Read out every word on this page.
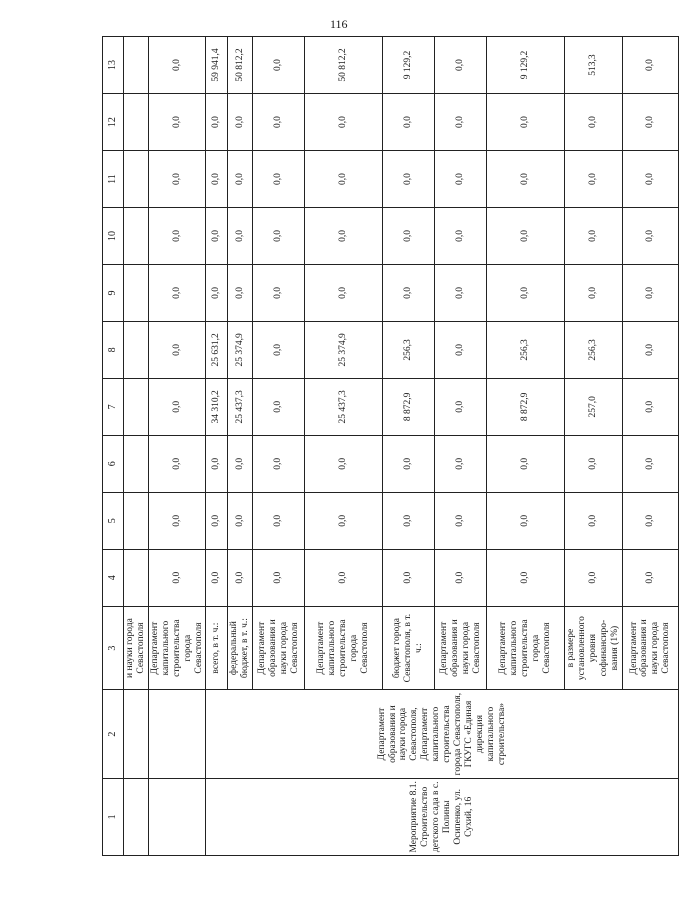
116
1	2	3	4	5	6	7	8	9	10	11	12	13
		и науки города Севастополя										
		Департамент капитального строительства города Севастополя	0,0	0,0	0,0	0,0	0,0	0,0	0,0	0,0	0,0	0,0
Мероприятие 8.1. Строительство детского сада в с. Полины Осипенко, ул. Сухий, 16	Департамент образования и науки города Севастополя, Департамент капитального строительства города Севастополя, ГКУГС «Единая дирекция капитального строительства»	всего, в т. ч.:	0,0	0,0	0,0	34 310,2	25 631,2	0,0	0,0	0,0	0,0	59 941,4
		федеральный бюджет, в т. ч.:	0,0	0,0	0,0	25 437,3	25 374,9	0,0	0,0	0,0	0,0	50 812,2
		Департамент образования и науки города Севастополя	0,0	0,0	0,0	0,0	0,0	0,0	0,0	0,0	0,0	0,0
		Департамент капитального строительства города Севастополя	0,0	0,0	0,0	25 437,3	25 374,9	0,0	0,0	0,0	0,0	50 812,2
		бюджет города Севастополя, в т. ч.:	0,0	0,0	0,0	8 872,9	256,3	0,0	0,0	0,0	0,0	9 129,2
		Департамент образования и науки города Севастополя	0,0	0,0	0,0	0,0	0,0	0,0	0,0	0,0	0,0	0,0
		Департамент капитального строительства города Севастополя	0,0	0,0	0,0	8 872,9	256,3	0,0	0,0	0,0	0,0	9 129,2
		в размере установленного уровня софинансиро-вания (1%)	0,0	0,0	0,0	257,0	256,3	0,0	0,0	0,0	0,0	513,3
		Департамент образования и науки города Севастополя	0,0	0,0	0,0	0,0	0,0	0,0	0,0	0,0	0,0	0,0
